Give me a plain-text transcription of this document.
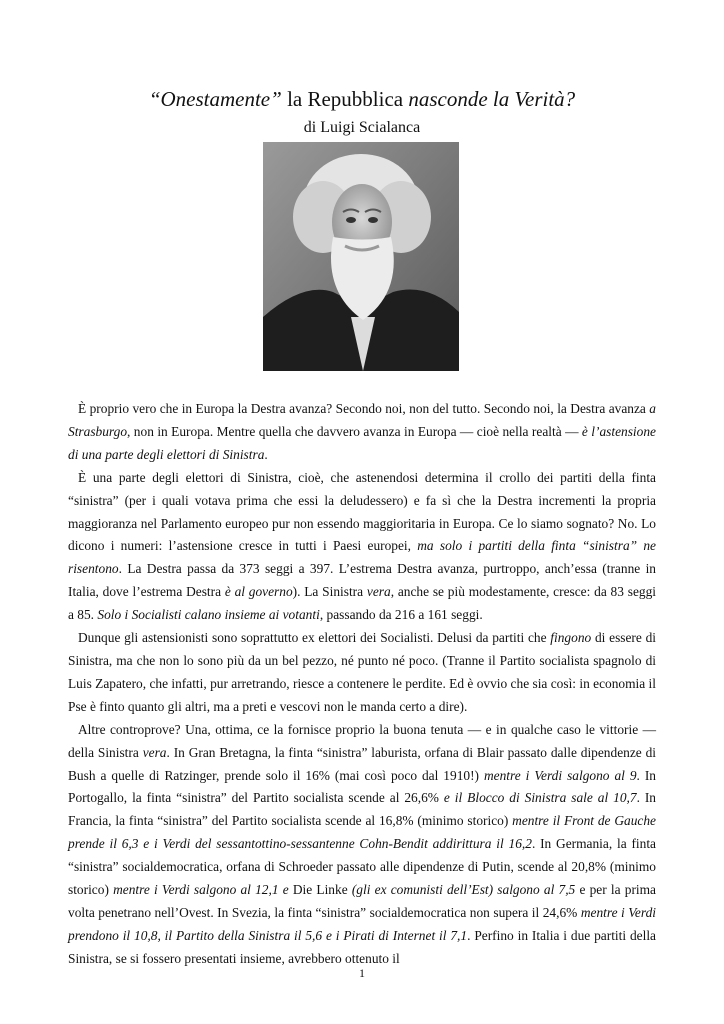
“Onestamente” la Repubblica nasconde la Verità?
di Luigi Scialanca

È proprio vero che in Europa la Destra avanza? Secondo noi, non del tutto. Secondo noi, la Destra avanza a Strasburgo, non in Europa. Mentre quella che davvero avanza in Europa — cioè nella realtà — è l’astensione di una parte degli elettori di Sinistra.

È una parte degli elettori di Sinistra, cioè, che astenendosi determina il crollo dei partiti della finta “sinistra” (per i quali votava prima che essi la deludessero) e fa sì che la Destra incrementi la propria maggioranza nel Parlamento europeo pur non essendo maggioritaria in Europa. Ce lo siamo sognato? No. Lo dicono i numeri: l’astensione cresce in tutti i Paesi europei, ma solo i partiti della finta “sinistra” ne risentono. La Destra passa da 373 seggi a 397. L’estrema Destra avanza, purtroppo, anch’essa (tranne in Italia, dove l’estrema Destra è al governo). La Sinistra vera, anche se più modestamente, cresce: da 83 seggi a 85. Solo i Socialisti calano insieme ai votanti, passando da 216 a 161 seggi.

Dunque gli astensionisti sono soprattutto ex elettori dei Socialisti. Delusi da partiti che fingono di essere di Sinistra, ma che non lo sono più da un bel pezzo, né punto né poco. (Tranne il Partito socialista spagnolo di Luis Zapatero, che infatti, pur arretrando, riesce a contenere le perdite. Ed è ovvio che sia così: in economia il Pse è finto quanto gli altri, ma a preti e vescovi non le manda certo a dire).

Altre controprove? Una, ottima, ce la fornisce proprio la buona tenuta — e in qualche caso le vittorie — della Sinistra vera. In Gran Bretagna, la finta “sinistra” laburista, orfana di Blair passato dalle dipendenze di Bush a quelle di Ratzinger, prende solo il 16% (mai così poco dal 1910!) mentre i Verdi salgono al 9. In Portogallo, la finta “sinistra” del Partito socialista scende al 26,6% e il Blocco di Sinistra sale al 10,7. In Francia, la finta “sinistra” del Partito socialista scende al 16,8% (minimo storico) mentre il Front de Gauche prende il 6,3 e i Verdi del sessantottino-sessantenne Cohn-Bendit addirittura il 16,2. In Germania, la finta “sinistra” socialdemocratica, orfana di Schroeder passato alle dipendenze di Putin, scende al 20,8% (minimo storico) mentre i Verdi salgono al 12,1 e Die Linke (gli ex comunisti dell’Est) salgono al 7,5 e per la prima volta penetrano nell’Ovest. In Svezia, la finta “sinistra” socialdemocratica non supera il 24,6% mentre i Verdi prendono il 10,8, il Partito della Sinistra il 5,6 e i Pirati di Internet il 7,1. Perfino in Italia i due partiti della Sinistra, se si fossero presentati insieme, avrebbero ottenuto il

1
